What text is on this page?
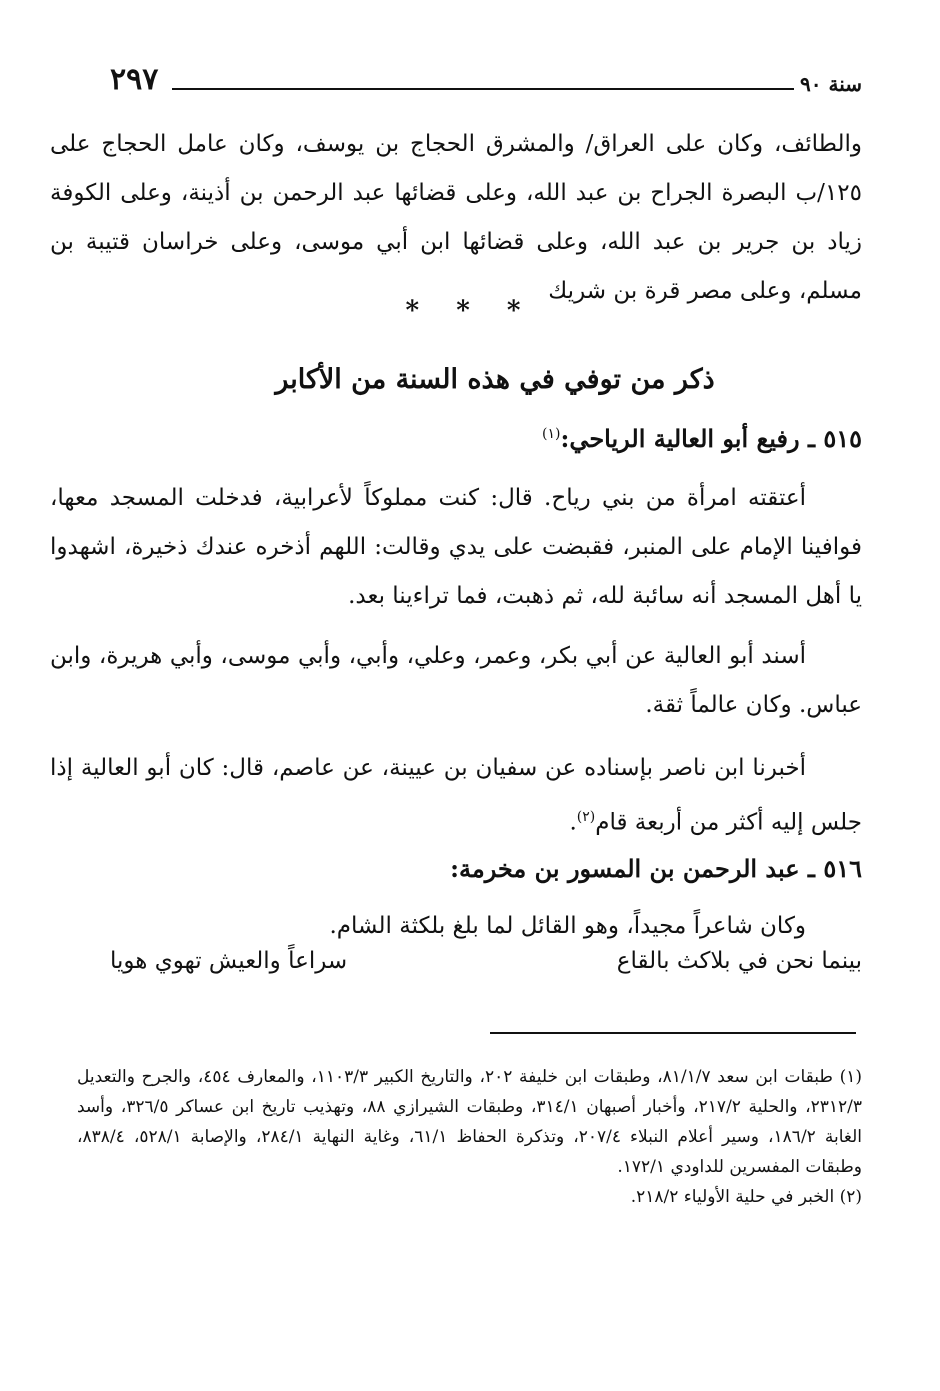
سنة ٩٠
٢٩٧

والطائف، وكان على العراق/ والمشرق الحجاج بن يوسف، وكان عامل الحجاج على ١٢٥/ب البصرة الجراح بن عبد الله، وعلى قضائها عبد الرحمن بن أذينة، وعلى الكوفة زياد بن جرير بن عبد الله، وعلى قضائها ابن أبي موسى، وعلى خراسان قتيبة بن مسلم، وعلى مصر قرة بن شريك

* * *
ذكر من توفي في هذه السنة من الأكابر
٥١٥ ـ رفيع أبو العالية الرياحي:$^{(١)}$

أعتقته امرأة من بني رياح. قال: كنت مملوكاً لأعرابية، فدخلت المسجد معها، فوافينا الإمام على المنبر، فقبضت على يدي وقالت: اللهم أذخره عندك ذخيرة، اشهدوا يا أهل المسجد أنه سائبة لله، ثم ذهبت، فما تراءينا بعد.

أسند أبو العالية عن أبي بكر، وعمر، وعلي، وأبي، وأبي موسى، وأبي هريرة، وابن عباس. وكان عالماً ثقة.

أخبرنا ابن ناصر بإسناده عن سفيان بن عيينة، عن عاصم، قال: كان أبو العالية إذا جلس إليه أكثر من أربعة قام$^{(٢)}$.

٥١٦ ـ عبد الرحمن بن المسور بن مخرمة:

وكان شاعراً مجيداً، وهو القائل لما بلغ بلكثة الشام.

بينما نحن في بلاكث بالقاع
سراعاً والعيش تهوي هويا

(١) طبقات ابن سعد ٨١/١/٧، وطبقات ابن خليفة ٢٠٢، والتاريخ الكبير ١١٠٣/٣، والمعارف ٤٥٤، والجرح والتعديل ٢٣١٢/٣، والحلية ٢١٧/٢، وأخبار أصبهان ٣١٤/١، وطبقات الشيرازي ٨٨، وتهذيب تاريخ ابن عساكر ٣٢٦/٥، وأسد الغابة ١٨٦/٢، وسير أعلام النبلاء ٢٠٧/٤، وتذكرة الحفاظ ٦١/١، وغاية النهاية ٢٨٤/١، والإصابة ٥٢٨/١، ٨٣٨/٤، وطبقات المفسرين للداودي ١٧٢/١.

(٢) الخبر في حلية الأولياء ٢١٨/٢.
